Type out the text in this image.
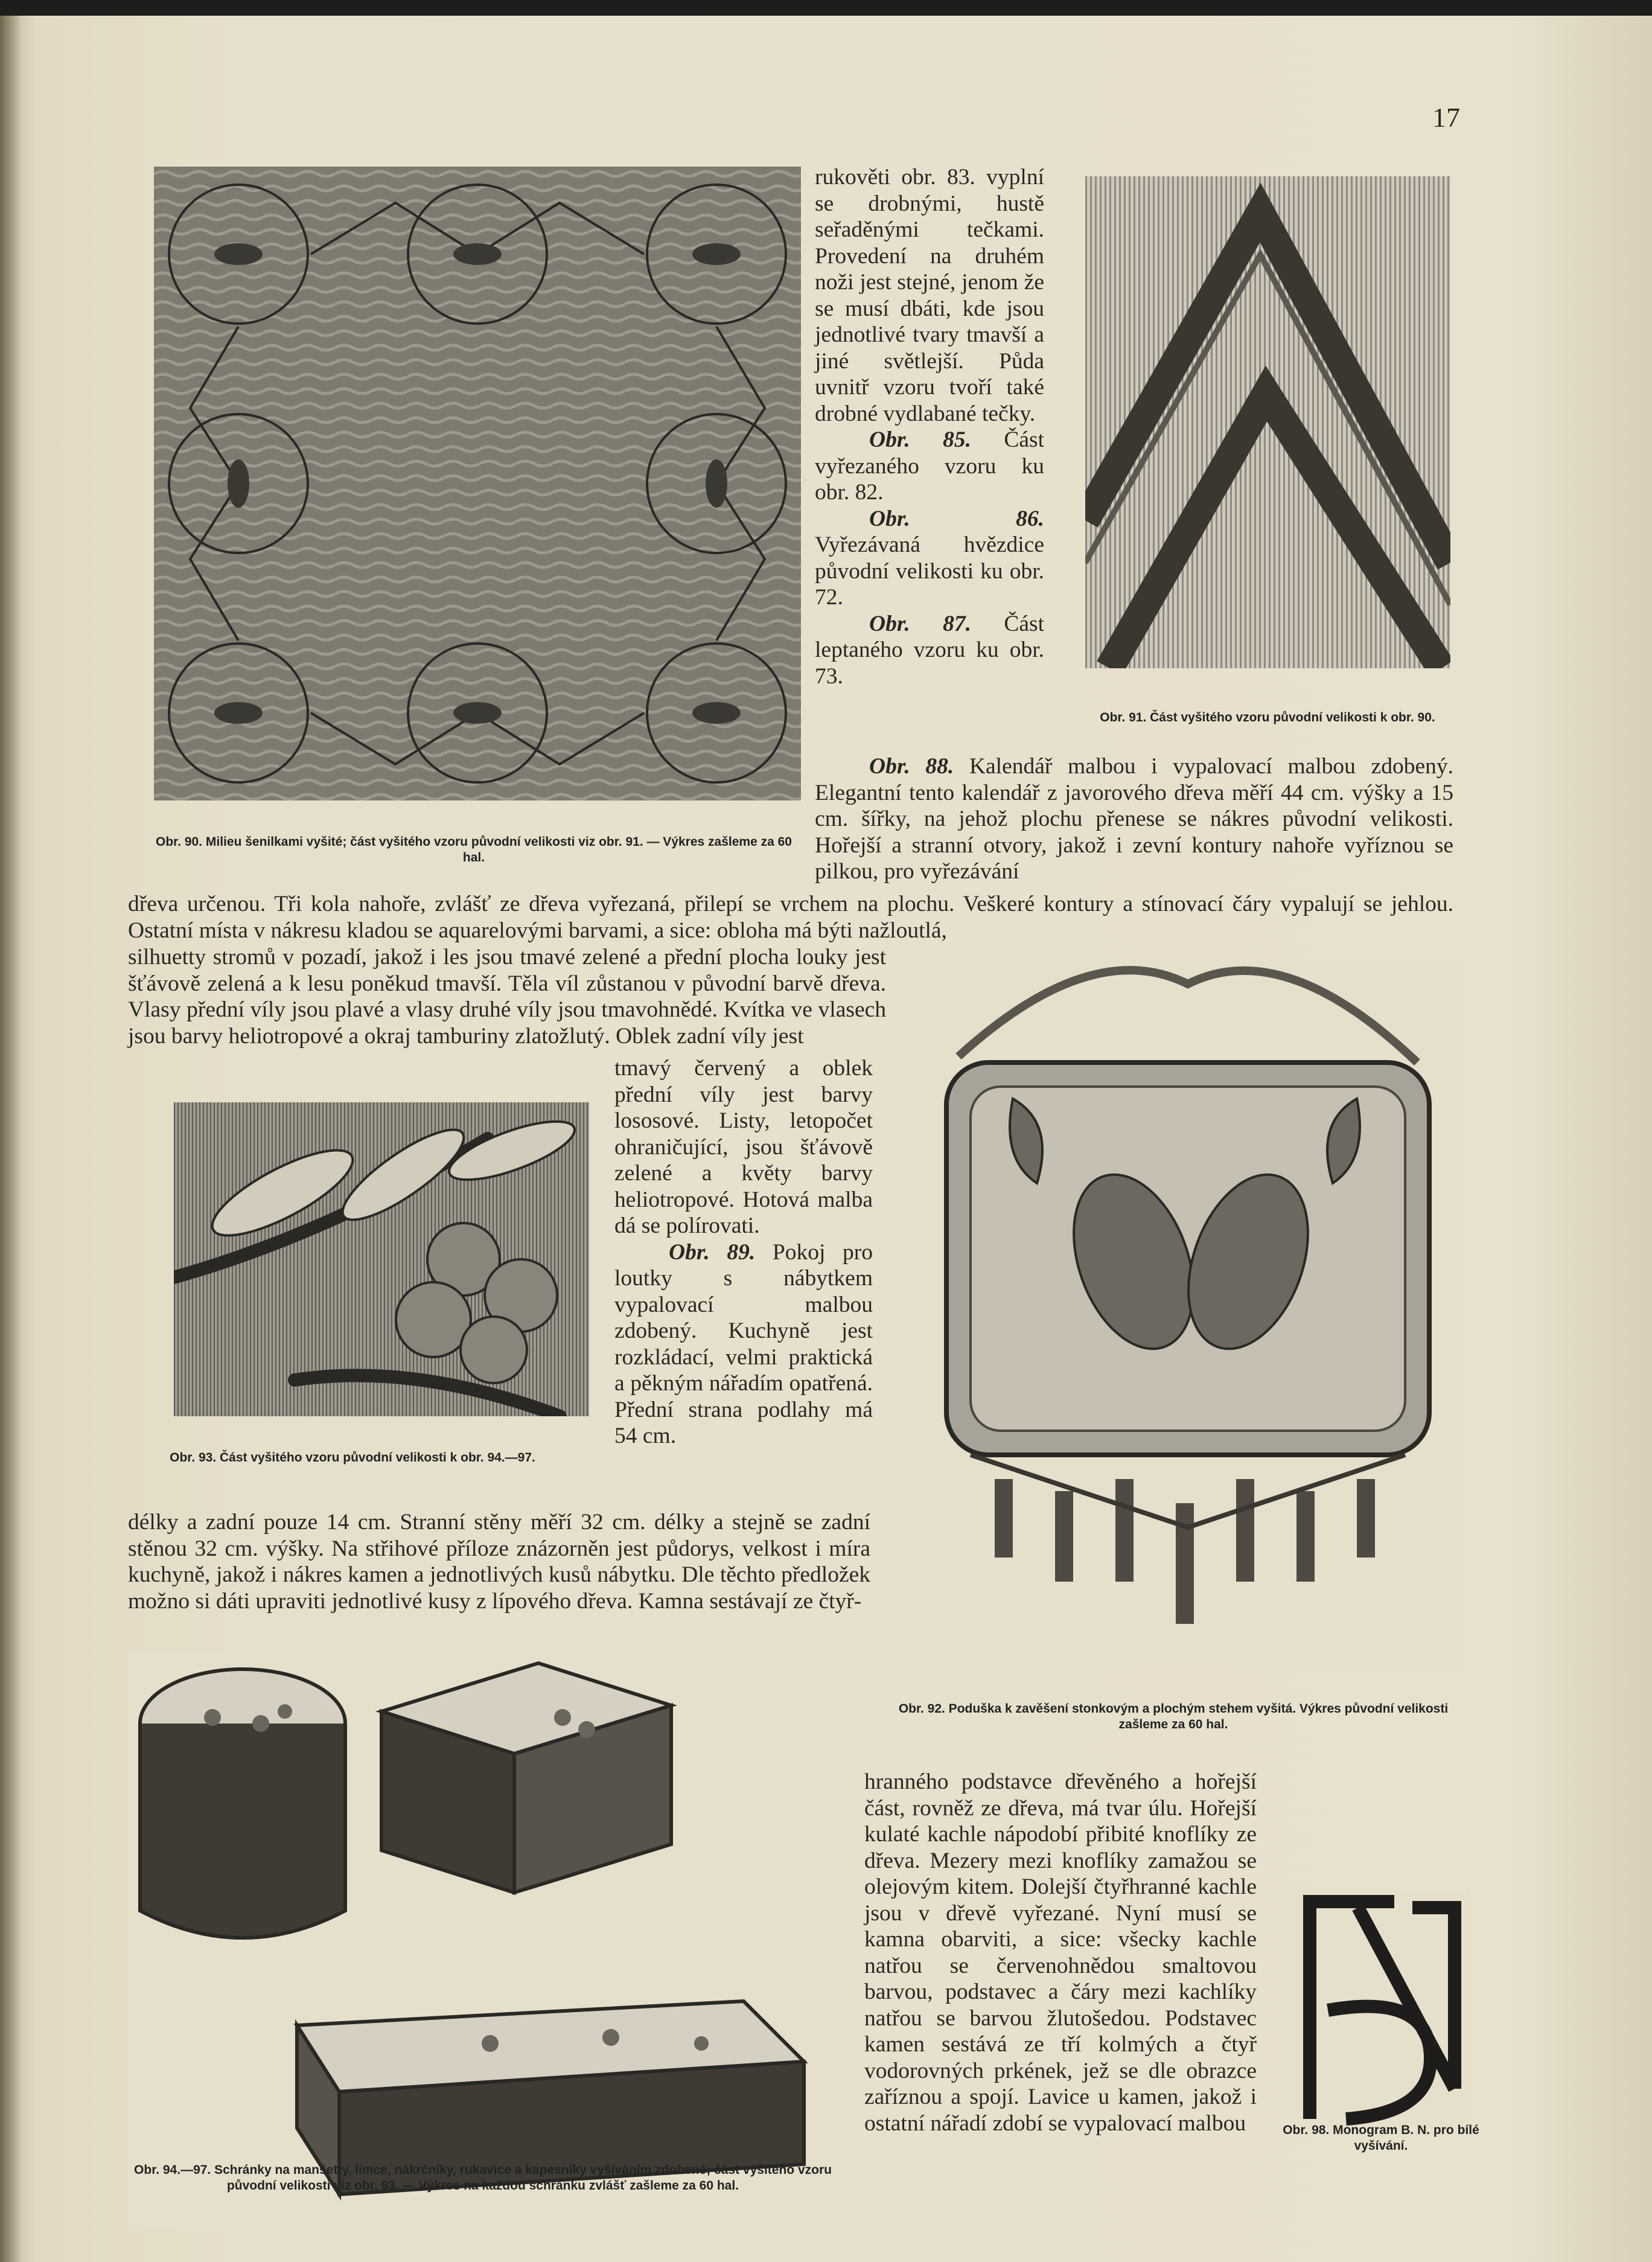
17
Obr. 90. Milieu šenilkami vyšité; část vyšitého vzoru původní velikosti viz obr. 91. — Výkres zašleme za 60 hal.

rukověti obr. 83. vyplní se drobnými, hustě seřaděnými tečkami. Provedení na druhém noži jest stejné, jenom že se musí dbáti, kde jsou jednotlivé tvary tmavší a jiné světlejší. Půda uvnitř vzoru tvoří také drobné vydlabané tečky.

Obr. 85. Část vyřezaného vzoru ku obr. 82.

Obr. 86. Vyřezávaná hvězdice původní velikosti ku obr. 72.

Obr. 87. Část leptaného vzoru ku obr. 73.

Obr. 91. Část vyšitého vzoru původní velikosti k obr. 90.

Obr. 88. Kalendář malbou i vypalovací malbou zdobený. Elegantní tento kalendář z javorového dřeva měří 44 cm. výšky a 15 cm. šířky, na jehož plochu přenese se nákres původní velikosti. Hořejší a stranní otvory, jakož i zevní kontury nahoře vyříznou se pilkou, pro vyřezávání

dřeva určenou. Tři kola nahoře, zvlášť ze dřeva vyřezaná, přilepí se vrchem na plochu. Veškeré kontury a stínovací čáry vypalují se jehlou. Ostatní místa v nákresu kladou se aquarelovými barvami, a sice: obloha má býti nažloutlá,
silhuetty stromů v pozadí, jakož i les jsou tmavé zelené a přední plocha louky jest šťávově zelená a k lesu poněkud tmavší. Těla víl zůstanou v původní barvě dřeva. Vlasy přední víly jsou plavé a vlasy druhé víly jsou tmavohnědé. Kvítka ve vlasech jsou barvy heliotropové a okraj tamburiny zlatožlutý. Oblek zadní víly jest
Obr. 93. Část vyšitého vzoru původní velikosti k obr. 94.—97.

tmavý červený a oblek přední víly jest barvy lososové. Listy, letopočet ohraničující, jsou šťávově zelené a květy barvy heliotropové. Hotová malba dá se polírovati.

Obr. 89. Pokoj pro loutky s nábytkem vypalovací malbou zdobený. Kuchyně jest rozkládací, velmi praktická a pěkným nářadím opatřená. Přední strana podlahy má 54 cm.

délky a zadní pouze 14 cm. Stranní stěny měří 32 cm. délky a stejně se zadní stěnou 32 cm. výšky. Na střihové příloze znázorněn jest půdorys, velkost i míra kuchyně, jakož i nákres kamen a jednotlivých kusů nábytku. Dle těchto předložek možno si dáti upraviti jednotlivé kusy z lípového dřeva. Kamna sestávají ze čtyř-
Obr. 92. Poduška k zavěšení stonkovým a plochým stehem vyšitá. Výkres původní velikosti zašleme za 60 hal.
Obr. 94.—97. Schránky na manšetty, límce, nákrčníky, rukavice a kapesníky vyšíváním zdobené; část vyšitého vzoru původní velikosti viz obr. 93. — Výkres na každou schránku zvlášť zašleme za 60 hal.
hranného podstavce dřevěného a hořejší část, rovněž ze dřeva, má tvar úlu. Hořejší kulaté kachle nápodobí přibité knoflíky ze dřeva. Mezery mezi knoflíky zamažou se olejovým kitem. Dolejší čtyřhranné kachle jsou v dřevě vyřezané. Nyní musí se kamna obarviti, a sice: všecky kachle natřou se červenohnědou smaltovou barvou, podstavec a čáry mezi kachlíky natřou se barvou žlutošedou. Podstavec kamen sestává ze tří kolmých a čtyř vodorovných prkének, jež se dle obrazce zaříznou a spojí. Lavice u kamen, jakož i ostatní nářadí zdobí se vypalovací malbou	Obr. 98. Monogram B. N. pro bílé vyšívání.
